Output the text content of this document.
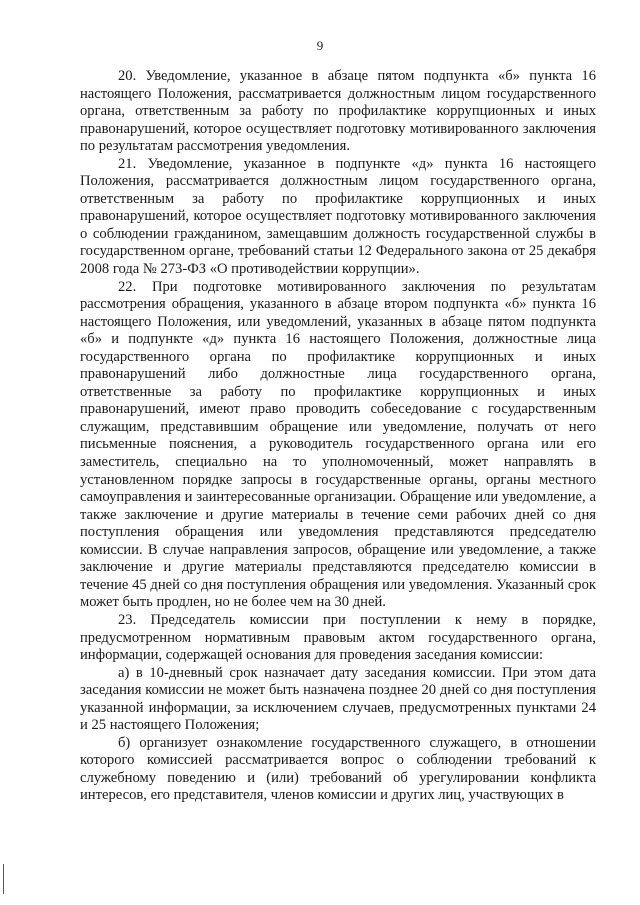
9

20. Уведомление, указанное в абзаце пятом подпункта «б» пункта 16 настоящего Положения, рассматривается должностным лицом государственного органа, ответственным за работу по профилактике коррупционных и иных правонарушений, которое осуществляет подготовку мотивированного заключения по результатам рассмотрения уведомления.

21. Уведомление, указанное в подпункте «д» пункта 16 настоящего Положения, рассматривается должностным лицом государственного органа, ответственным за работу по профилактике коррупционных и иных правонарушений, которое осуществляет подготовку мотивированного заключения о соблюдении гражданином, замещавшим должность государственной службы в государственном органе, требований статьи 12 Федерального закона от 25 декабря 2008 года № 273-ФЗ «О противодействии коррупции».

22. При подготовке мотивированного заключения по результатам рассмотрения обращения, указанного в абзаце втором подпункта «б» пункта 16 настоящего Положения, или уведомлений, указанных в абзаце пятом подпункта «б» и подпункте «д» пункта 16 настоящего Положения, должностные лица государственного органа по профилактике коррупционных и иных правонарушений либо должностные лица государственного органа, ответственные за работу по профилактике коррупционных и иных правонарушений, имеют право проводить собеседование с государственным служащим, представившим обращение или уведомление, получать от него письменные пояснения, а руководитель государственного органа или его заместитель, специально на то уполномоченный, может направлять в установленном порядке запросы в государственные органы, органы местного самоуправления и заинтересованные организации. Обращение или уведомление, а также заключение и другие материалы в течение семи рабочих дней со дня поступления обращения или уведомления представляются председателю комиссии. В случае направления запросов, обращение или уведомление, а также заключение и другие материалы представляются председателю комиссии в течение 45 дней со дня поступления обращения или уведомления. Указанный срок может быть продлен, но не более чем на 30 дней.

23. Председатель комиссии при поступлении к нему в порядке, предусмотренном нормативным правовым актом государственного органа, информации, содержащей основания для проведения заседания комиссии:

а) в 10-дневный срок назначает дату заседания комиссии. При этом дата заседания комиссии не может быть назначена позднее 20 дней со дня поступления указанной информации, за исключением случаев, предусмотренных пунктами 24 и 25 настоящего Положения;

б) организует ознакомление государственного служащего, в отношении которого комиссией рассматривается вопрос о соблюдении требований к служебному поведению и (или) требований об урегулировании конфликта интересов, его представителя, членов комиссии и других лиц, участвующих в
